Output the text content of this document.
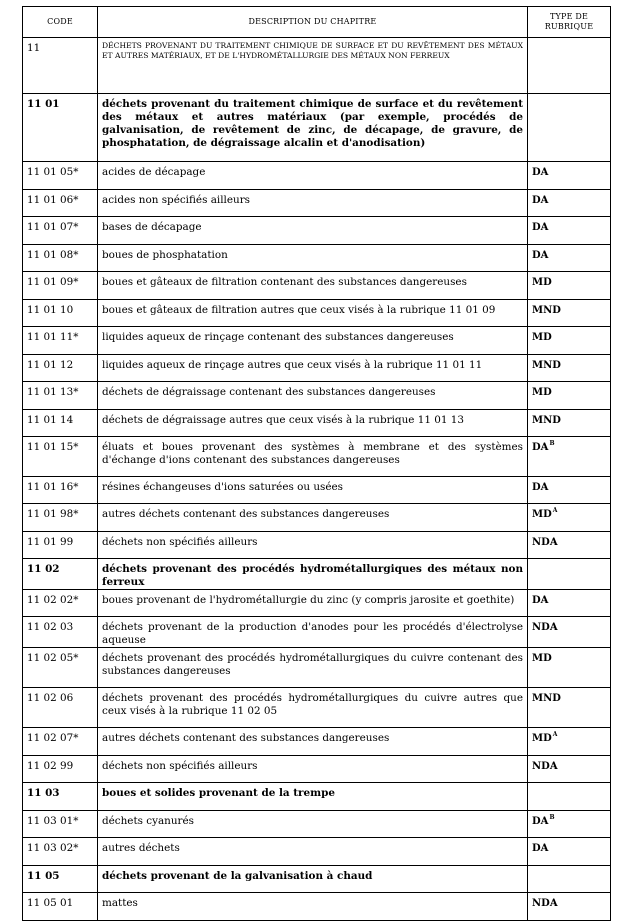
CODE	DESCRIPTION DU CHAPITRE	TYPE DE RUBRIQUE
11	DÉCHETS PROVENANT DU TRAITEMENT CHIMIQUE DE SURFACE ET DU REVÊTEMENT DES MÉTAUX ET AUTRES MATÉRIAUX, ET DE L'HYDROMÉTALLURGIE DES MÉTAUX NON FERREUX	
11 01	déchets provenant du traitement chimique de surface et du revêtement des métaux et autres matériaux (par exemple, procédés de galvanisation, de revêtement de zinc, de décapage, de gravure, de phosphatation, de dégraissage alcalin et d'anodisation)	
11 01 05*	acides de décapage	DA
11 01 06*	acides non spécifiés ailleurs	DA
11 01 07*	bases de décapage	DA
11 01 08*	boues de phosphatation	DA
11 01 09*	boues et gâteaux de filtration contenant des substances dangereuses	MD
11 01 10	boues et gâteaux de filtration autres que ceux visés à la rubrique 11 01 09	MND
11 01 11*	liquides aqueux de rinçage contenant des substances dangereuses	MD
11 01 12	liquides aqueux de rinçage autres que ceux visés à la rubrique 11 01 11	MND
11 01 13*	déchets de dégraissage contenant des substances dangereuses	MD
11 01 14	déchets de dégraissage autres que ceux visés à la rubrique 11 01 13	MND
11 01 15*	éluats et boues provenant des systèmes à membrane et des systèmes d'échange d'ions contenant des substances dangereuses	$DA^B$
11 01 16*	résines échangeuses d'ions saturées ou usées	DA
11 01 98*	autres déchets contenant des substances dangereuses	$MD^A$
11 01 99	déchets non spécifiés ailleurs	NDA
11 02	déchets provenant des procédés hydrométallurgiques des métaux non ferreux	
11 02 02*	boues provenant de l'hydrométallurgie du zinc (y compris jarosite et goethite)	DA
11 02 03	déchets provenant de la production d'anodes pour les procédés d'électrolyse aqueuse	NDA
11 02 05*	déchets provenant des procédés hydrométallurgiques du cuivre contenant des substances dangereuses	MD
11 02 06	déchets provenant des procédés hydrométallurgiques du cuivre autres que ceux visés à la rubrique 11 02 05	MND
11 02 07*	autres déchets contenant des substances dangereuses	$MD^A$
11 02 99	déchets non spécifiés ailleurs	NDA
11 03	boues et solides provenant de la trempe	
11 03 01*	déchets cyanurés	$DA^B$
11 03 02*	autres déchets	DA
11 05	déchets provenant de la galvanisation à chaud	
11 05 01	mattes	NDA
